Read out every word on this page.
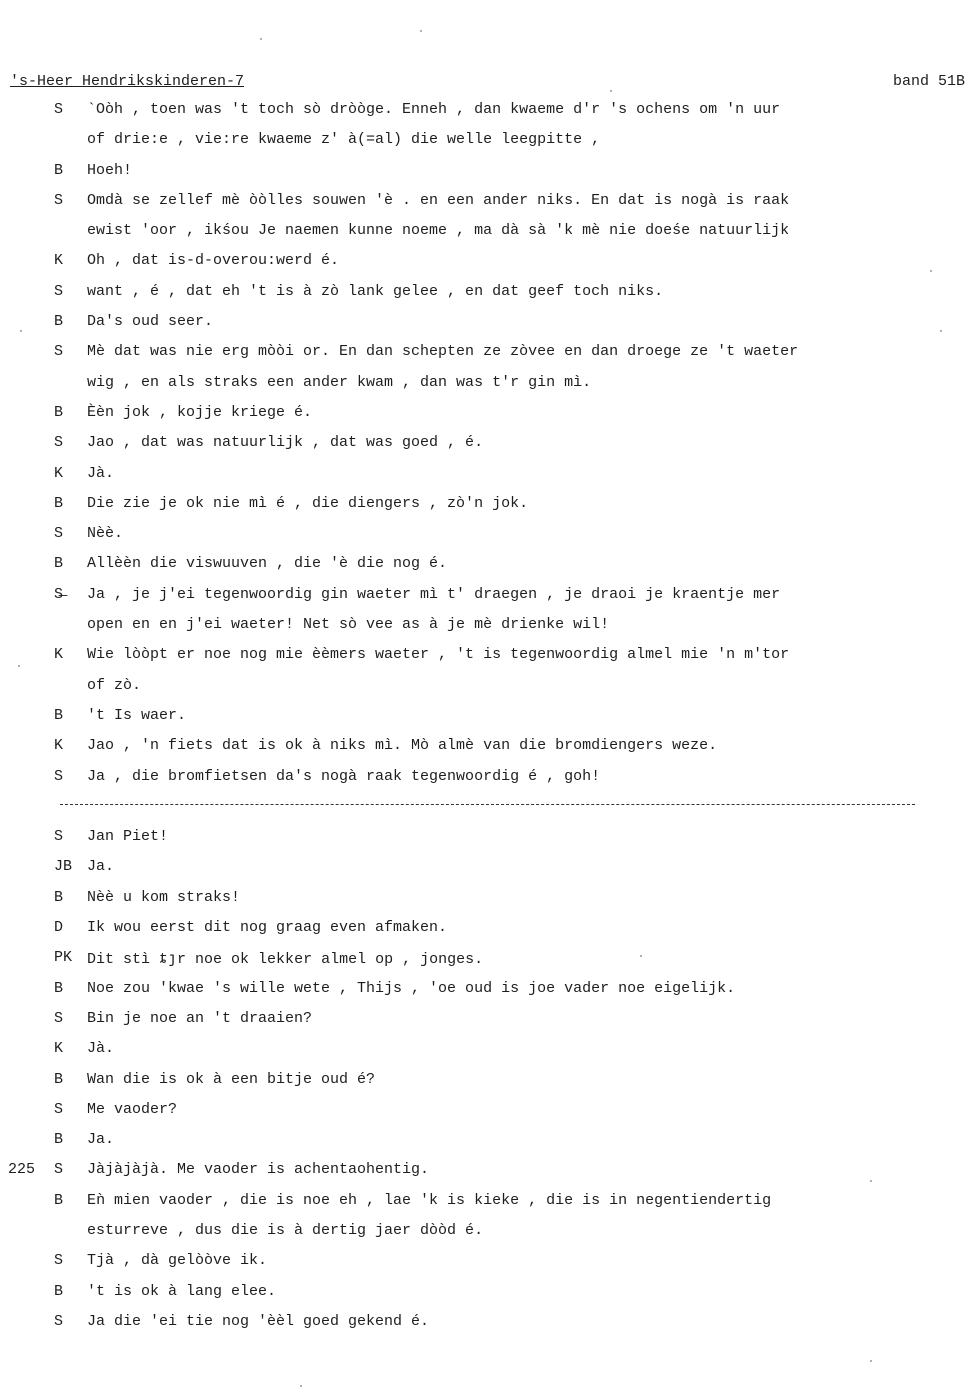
's-Heer Hendrikskinderen-7	band 51B
S `Oòh , toen was 't toch sò dròòge. Enneh , dan kwaeme d'r 's ochens om 'n uur
of drie:e , vie:re kwaeme z' à(=al) die welle leegpitte ,
B Hoeh!
S Omdà se zellef mè òòlles souwen 'è . en een ander niks. En dat is nogà is raak
ewist 'oor , ikśou Je naemen kunne noeme , ma dà sà 'k mè nie doeśe natuurlijk
K Oh , dat is-d-overou:werd é.
S want , é , dat eh 't is à zò lank gelee , en dat geef toch niks.
B Da's oud seer.
S Mè dat was nie erg mòòi or. En dan schepten ze zòvee en dan droege ze 't waeter
wig , en als straks een ander kwam , dan was t'r gin mì.
B Èèn jok , kojje kriege é.
S Jao , dat was natuurlijk , dat was goed , é.
K Jà.
B Die zie je ok nie mì é , die diengers , zò'n jok.
S Nèè.
B Allèèn die viswuuven , die 'è die nog é.
S̶ Ja , je j'ei tegenwoordig gin waeter mì t' draegen , je draoi je kraentje mer
open en en j'ei waeter! Net sò vee as à je mè drienke wil!
K Wie lòòpt er noe nog mie èèmers waeter , 't is tegenwoordig almel mie 'n m'tor
of zò.
B 't Is waer.
K Jao , 'n fiets dat is ok à niks mì. Mò almè van die bromdiengers weze.
S Ja , die bromfietsen da's nogà raak tegenwoordig é , goh!
S Jan Piet!
JB Ja.
B Nèè u kom straks!
D Ik wou eerst dit nog graag even afmaken.
PK Dit stì ȶȷr noe ok lekker almel op , jonges.
B Noe zou 'kwae 's wille wete , Thijs , 'oe oud is joe vader noe eigelijk.
S Bin je noe an 't draaien?
K Jà.
B Wan die is ok à een bitje oud é?
S Me vaoder?
B Ja.
225 S Jàjàjàjà. Me vaoder is achentaohentig.
B Eǹ mien vaoder , die is noe eh , lae 'k is kieke , die is in negentiendertig
esturreve , dus die is à dertig jaer dòòd é.
S Tjà , dà gelòòve ik.
B 't is ok à lang elee.
S Ja die 'ei tie nog 'èèl goed gekend é.
